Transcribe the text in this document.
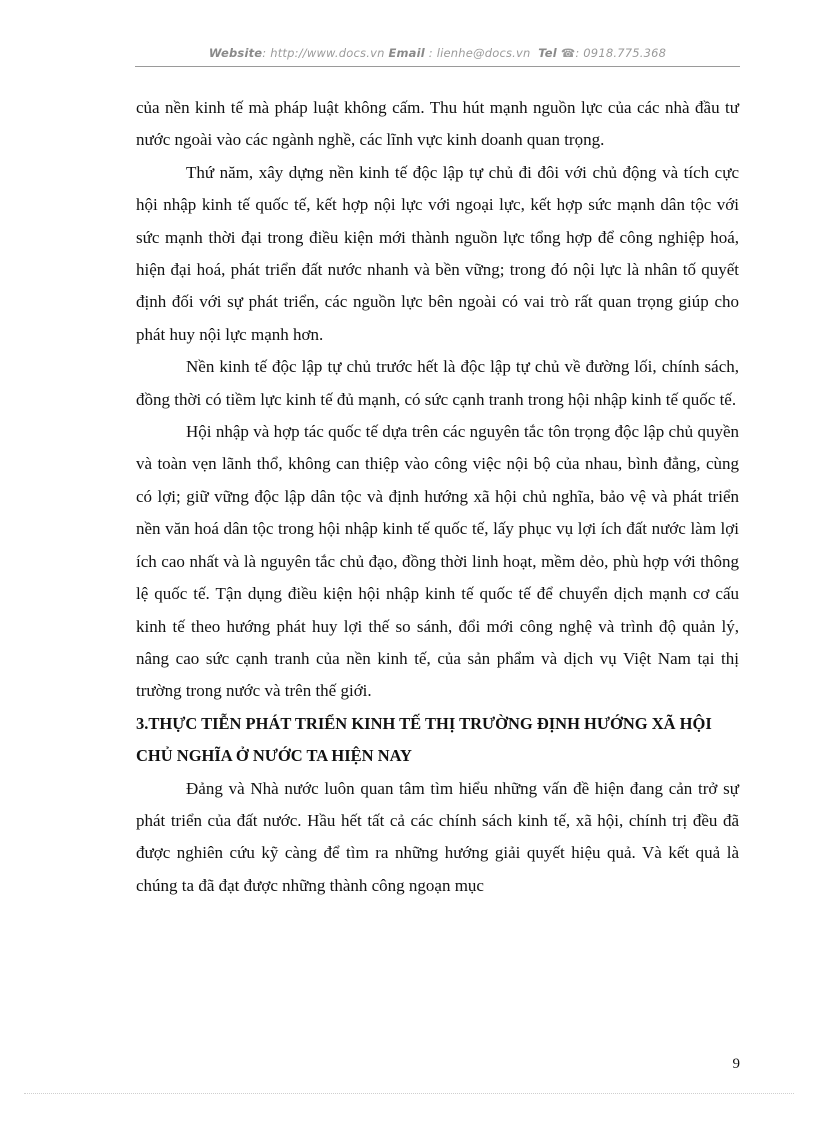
Website: http://www.docs.vn Email : lienhe@docs.vn Tel ☎: 0918.775.368

của nền kinh tế mà pháp luật không cấm. Thu hút mạnh nguồn lực của các nhà đầu tư nước ngoài vào các ngành nghề, các lĩnh vực kinh doanh quan trọng.

Thứ năm, xây dựng nền kinh tế độc lập tự chủ đi đôi với chủ động và tích cực hội nhập kinh tế quốc tế, kết hợp nội lực với ngoại lực, kết hợp sức mạnh dân tộc với sức mạnh thời đại trong điều kiện mới thành nguồn lực tổng hợp để công nghiệp hoá, hiện đại hoá, phát triển đất nước nhanh và bền vững; trong đó nội lực là nhân tố quyết định đối với sự phát triển, các nguồn lực bên ngoài có vai trò rất quan trọng giúp cho phát huy nội lực mạnh hơn.

Nền kinh tế độc lập tự chủ trước hết là độc lập tự chủ về đường lối, chính sách, đồng thời có tiềm lực kinh tế đủ mạnh, có sức cạnh tranh trong hội nhập kinh tế quốc tế.

Hội nhập và hợp tác quốc tế dựa trên các nguyên tắc tôn trọng độc lập chủ quyền và toàn vẹn lãnh thổ, không can thiệp vào công việc nội bộ của nhau, bình đẳng, cùng có lợi; giữ vững độc lập dân tộc và định hướng xã hội chủ nghĩa, bảo vệ và phát triển nền văn hoá dân tộc trong hội nhập kinh tế quốc tế, lấy phục vụ lợi ích đất nước làm lợi ích cao nhất và là nguyên tắc chủ đạo, đồng thời linh hoạt, mềm dẻo, phù hợp với thông lệ quốc tế. Tận dụng điều kiện hội nhập kinh tế quốc tế để chuyển dịch mạnh cơ cấu kinh tế theo hướng phát huy lợi thế so sánh, đổi mới công nghệ và trình độ quản lý, nâng cao sức cạnh tranh của nền kinh tế, của sản phẩm và dịch vụ Việt Nam tại thị trường trong nước và trên thế giới.

3.THỰC TIỄN PHÁT TRIỂN KINH TẾ THỊ TRƯỜNG ĐỊNH HƯỚNG XÃ HỘI CHỦ NGHĨA Ở NƯỚC TA HIỆN NAY

Đảng và Nhà nước luôn quan tâm tìm hiểu những vấn đề hiện đang cản trở sự phát triển của đất nước. Hầu hết tất cả các chính sách kinh tế, xã hội, chính trị đều đã được nghiên cứu kỹ càng để tìm ra những hướng giải quyết hiệu quả. Và kết quả là chúng ta đã đạt được những thành công ngoạn mục

9
